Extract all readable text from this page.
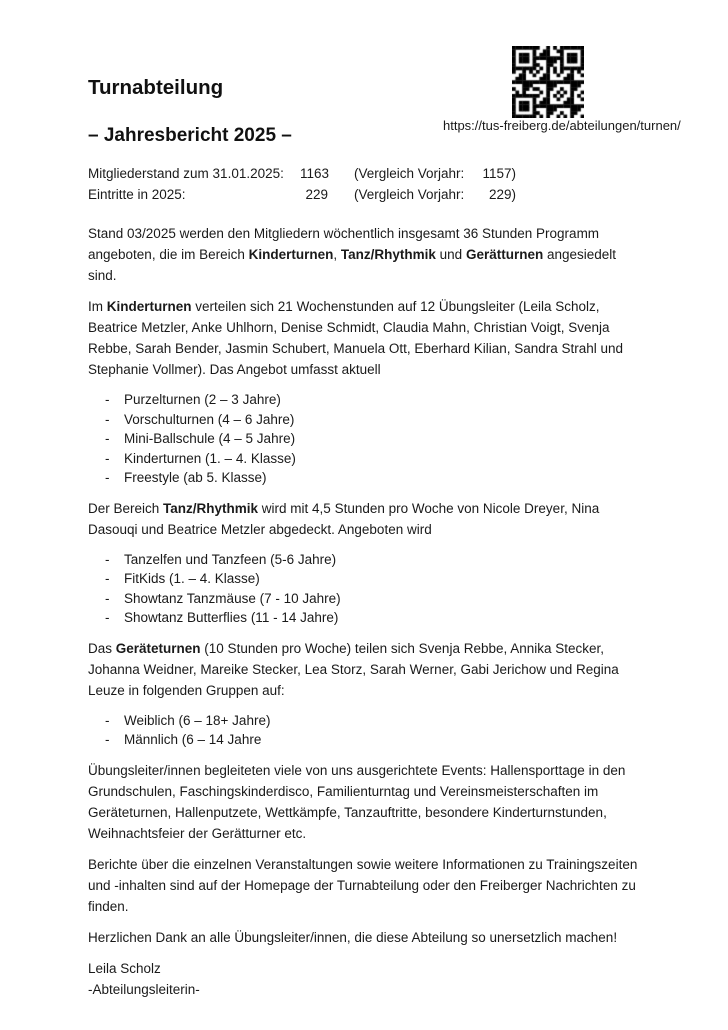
https://tus-freiberg.de/abteilungen/turnen/
Turnabteilung
– Jahresbericht 2025 –
Mitgliederstand zum 31.01.2025:	1163 (Vergleich Vorjahr:	1157)
Eintritte in 2025:	229 (Vergleich Vorjahr:	229)

Stand 03/2025 werden den Mitgliedern wöchentlich insgesamt 36 Stunden Programm angeboten, die im Bereich Kinderturnen, Tanz/Rhythmik und Gerätturnen angesiedelt sind.

Im Kinderturnen verteilen sich 21 Wochenstunden auf 12 Übungsleiter (Leila Scholz, Beatrice Metzler, Anke Uhlhorn, Denise Schmidt, Claudia Mahn, Christian Voigt, Svenja Rebbe, Sarah Bender, Jasmin Schubert, Manuela Ott, Eberhard Kilian, Sandra Strahl und Stephanie Vollmer). Das Angebot umfasst aktuell

-	Purzelturnen (2 – 3 Jahre)
-	Vorschulturnen (4 – 6 Jahre)
-	Mini-Ballschule (4 – 5 Jahre)
-	Kinderturnen (1. – 4. Klasse)
-	Freestyle (ab 5. Klasse)

Der Bereich Tanz/Rhythmik wird mit 4,5 Stunden pro Woche von Nicole Dreyer, Nina Dasouqi und Beatrice Metzler abgedeckt. Angeboten wird

-	Tanzelfen und Tanzfeen (5-6 Jahre)
-	FitKids (1. – 4. Klasse)
-	Showtanz Tanzmäuse (7 - 10 Jahre)
-	Showtanz Butterflies (11 - 14 Jahre)

Das Geräteturnen (10 Stunden pro Woche) teilen sich Svenja Rebbe, Annika Stecker, Johanna Weidner, Mareike Stecker, Lea Storz, Sarah Werner, Gabi Jerichow und Regina Leuze in folgenden Gruppen auf:

-	Weiblich (6 – 18+ Jahre)
-	Männlich (6 – 14 Jahre

Übungsleiter/innen begleiteten viele von uns ausgerichtete Events: Hallensporttage in den Grundschulen, Faschingskinderdisco, Familienturntag und Vereinsmeisterschaften im Geräteturnen, Hallenputzete, Wettkämpfe, Tanzauftritte, besondere Kinderturnstunden, Weihnachtsfeier der Gerätturner etc.

Berichte über die einzelnen Veranstaltungen sowie weitere Informationen zu Trainingszeiten und -inhalten sind auf der Homepage der Turnabteilung oder den Freiberger Nachrichten zu finden.

Herzlichen Dank an alle Übungsleiter/innen, die diese Abteilung so unersetzlich machen!

Leila Scholz
-Abteilungsleiterin-
